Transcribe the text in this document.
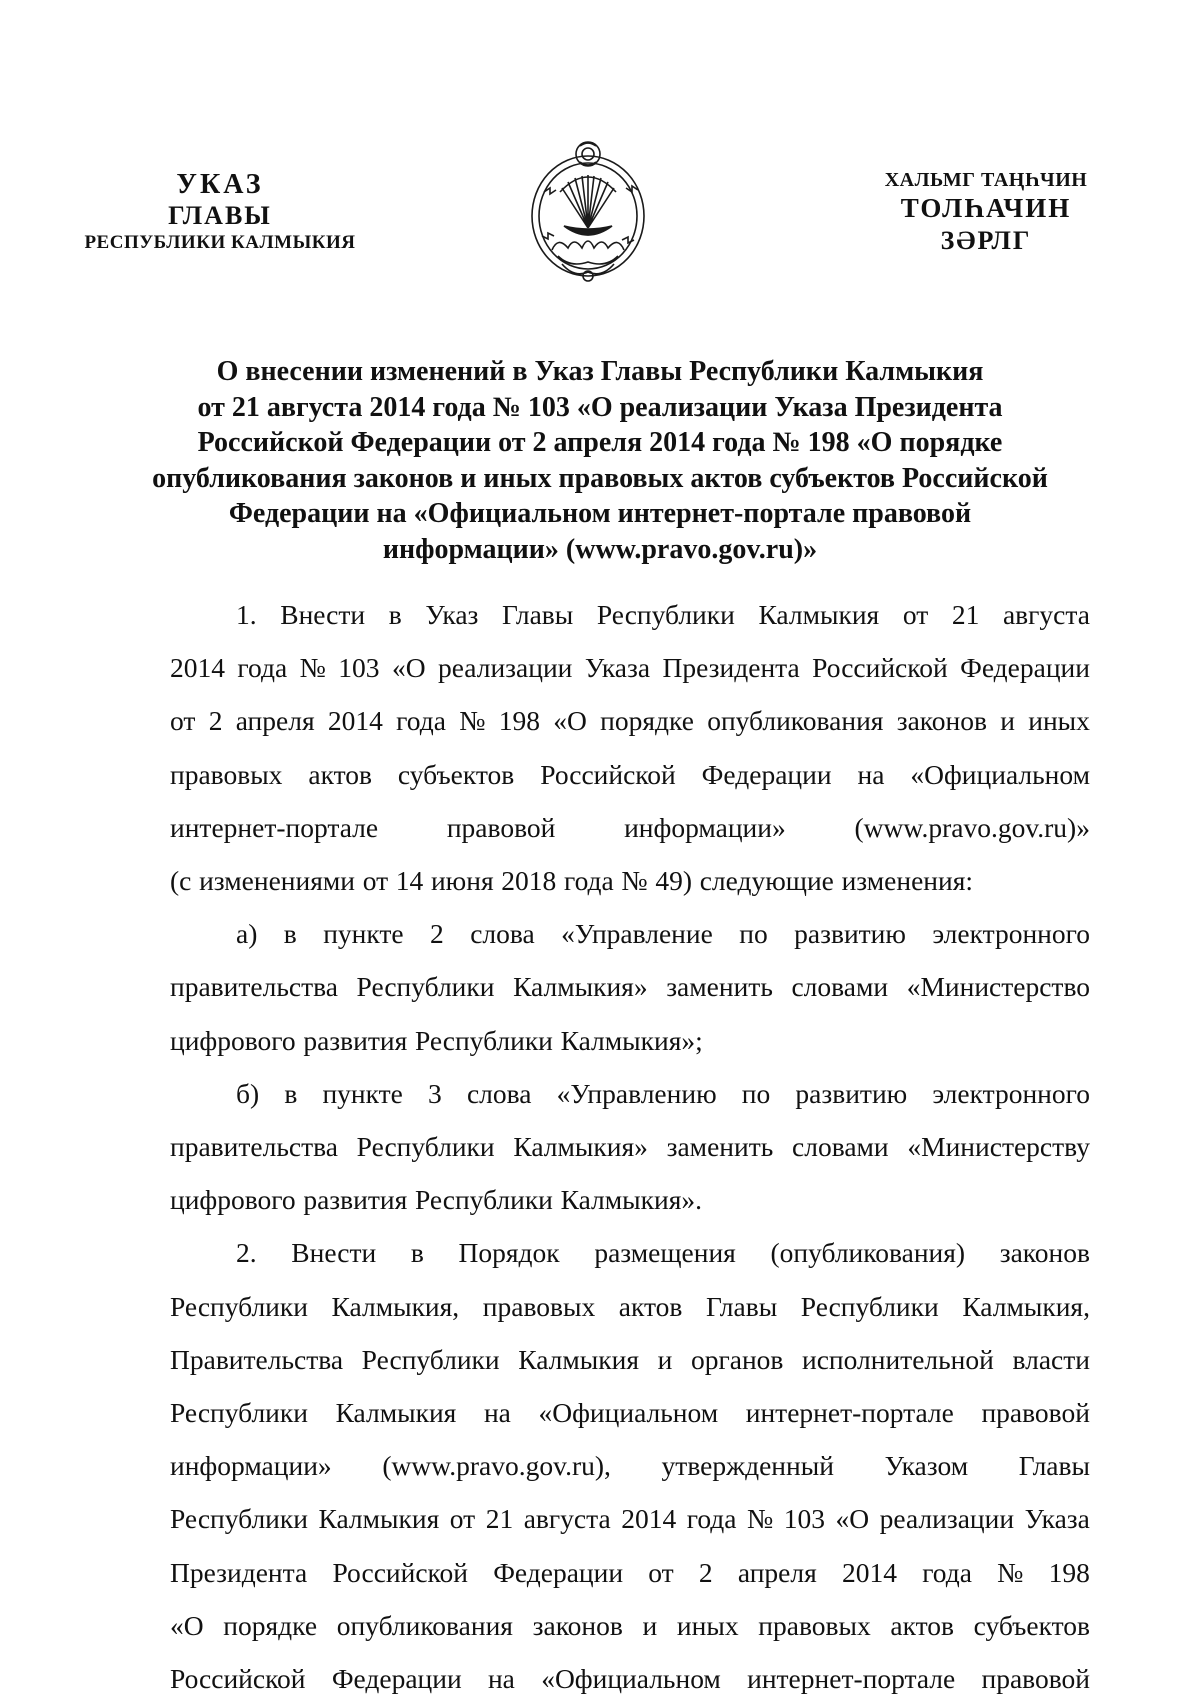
УКАЗ
ГЛАВЫ
РЕСПУБЛИКИ КАЛМЫКИЯ
ХАЛЬМГ ТАҢҺЧИН
ТОЛҺАЧИН
ЗӘРЛГ
О внесении изменений в Указ Главы Республики Калмыкия
от 21 августа 2014 года № 103 «О реализации Указа Президента
Российской Федерации от 2 апреля 2014 года № 198 «О порядке
опубликования законов и иных правовых актов субъектов Российской
Федерации на «Официальном интернет-портале правовой
информации» (www.pravo.gov.ru)»
1. Внести в Указ Главы Республики Калмыкия от 21 августа
2014 года № 103 «О реализации Указа Президента Российской Федерации
от 2 апреля 2014 года № 198 «О порядке опубликования законов и иных
правовых актов субъектов Российской Федерации на «Официальном
интернет-портале	правовой	информации»	(www.pravo.gov.ru)»
(с изменениями от 14 июня 2018 года № 49) следующие изменения:
а) в пункте 2 слова «Управление по развитию электронного
правительства Республики Калмыкия» заменить словами «Министерство
цифрового развития Республики Калмыкия»;
б) в пункте 3 слова «Управлению по развитию электронного
правительства Республики Калмыкия» заменить словами «Министерству
цифрового развития Республики Калмыкия».
2. Внести в Порядок размещения (опубликования) законов
Республики Калмыкия, правовых актов Главы Республики Калмыкия,
Правительства Республики Калмыкия и органов исполнительной власти
Республики Калмыкия на «Официальном интернет-портале правовой
информации» (www.pravo.gov.ru), утвержденный Указом Главы
Республики Калмыкия от 21 августа 2014 года № 103 «О реализации Указа
Президента Российской Федерации от 2 апреля 2014 года № 198
«О порядке опубликования законов и иных правовых актов субъектов
Российской Федерации на «Официальном интернет-портале правовой
